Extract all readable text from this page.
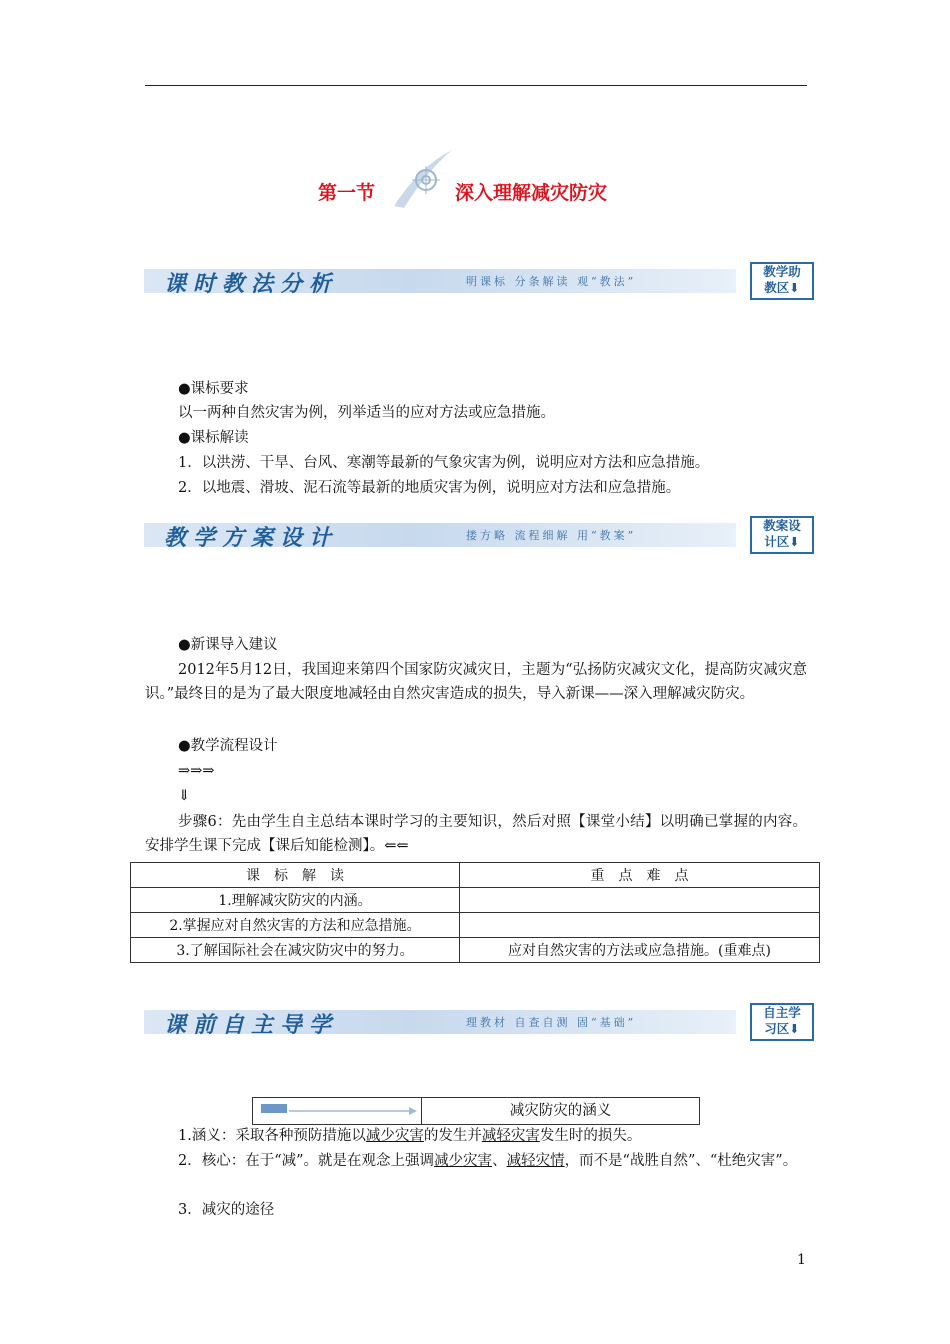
第一节	深入理解减灾防灾
课时教法分析	明课标 分条解读 观“教法”
教学助
教区⬇
●课标要求
以一两种自然灾害为例，列举适当的应对方法或应急措施。
●课标解读
1．以洪涝、干旱、台风、寒潮等最新的气象灾害为例，说明应对方法和应急措施。
2．以地震、滑坡、泥石流等最新的地质灾害为例，说明应对方法和应急措施。
教学方案设计	搂方略 流程细解 用“教案”
教案设
计区⬇
●新课导入建议
2012年5月12日，我国迎来第四个国家防灾减灾日，主题为“弘扬防灾减灾文化，提高防灾减灾意识。”最终目的是为了最大限度地减轻由自然灾害造成的损失，导入新课——深入理解减灾防灾。
●教学流程设计
⇒⇒⇒
⇓
步骤6：先由学生自主总结本课时学习的主要知识，然后对照【课堂小结】以明确已掌握的内容。安排学生课下完成【课后知能检测】。⇐⇐
课　标　解　读	重　点　难　点
1.理解减灾防灾的内涵。	
2.掌握应对自然灾害的方法和应急措施。	
3.了解国际社会在减灾防灾中的努力。	应对自然灾害的方法或应急措施。(重难点)
课前自主导学	理教材 自查自测 固“基础”
自主学
习区⬇
减灾防灾的涵义
1.涵义：采取各种预防措施以减少灾害的发生并减轻灾害发生时的损失。
2．核心：在于“减”。就是在观念上强调减少灾害、减轻灾情，而不是“战胜自然”、“杜绝灾害”。
3．减灾的途径
1
